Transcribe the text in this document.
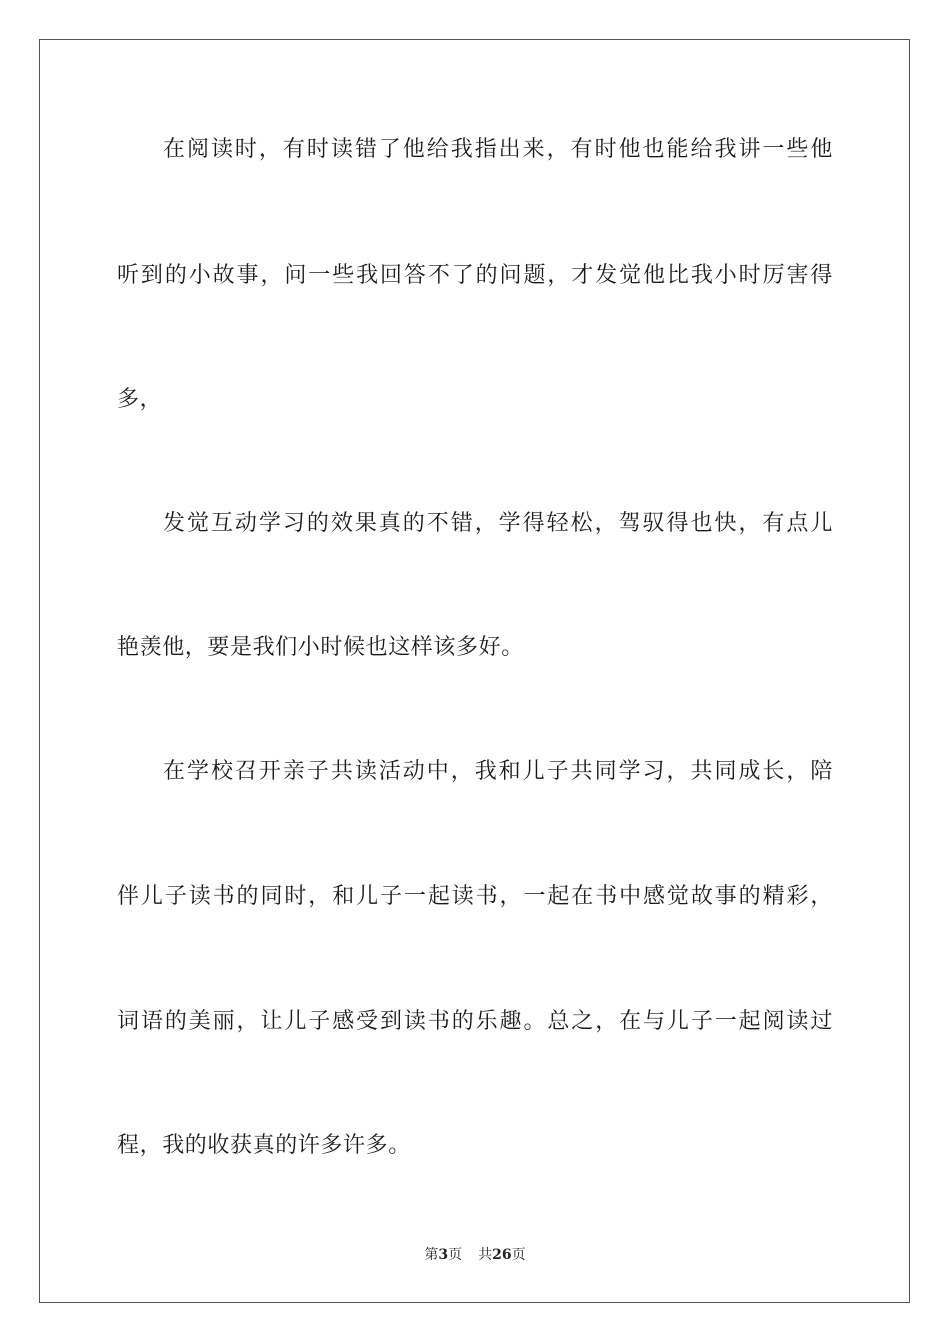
在阅读时，有时读错了他给我指出来，有时他也能给我讲一些他
听到的小故事，问一些我回答不了的问题，才发觉他比我小时厉害得
多，
发觉互动学习的效果真的不错，学得轻松，驾驭得也快，有点儿
艳羡他，要是我们小时候也这样该多好。
在学校召开亲子共读活动中，我和儿子共同学习，共同成长，陪
伴儿子读书的同时，和儿子一起读书，一起在书中感觉故事的精彩，
词语的美丽，让儿子感受到读书的乐趣。总之，在与儿子一起阅读过
程，我的收获真的许多许多。
第3页 共26页
